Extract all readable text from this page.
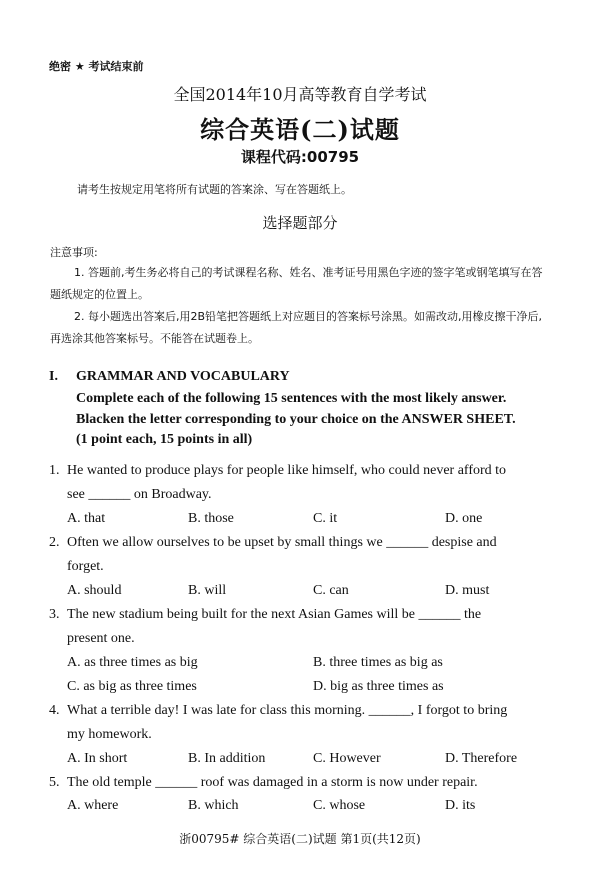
绝密 ★ 考试结束前
全国2014年10月高等教育自学考试
综合英语(二)试题
课程代码:00795
请考生按规定用笔将所有试题的答案涂、写在答题纸上。
选择题部分
注意事项:
1. 答题前,考生务必将自己的考试课程名称、姓名、准考证号用黑色字迹的签字笔或钢笔填写在答题纸规定的位置上。
2. 每小题选出答案后,用2B铅笔把答题纸上对应题目的答案标号涂黑。如需改动,用橡皮擦干净后,再选涂其他答案标号。不能答在试题卷上。
I. GRAMMAR AND VOCABULARY
Complete each of the following 15 sentences with the most likely answer.
Blacken the letter corresponding to your choice on the ANSWER SHEET.
(1 point each, 15 points in all)
1. He wanted to produce plays for people like himself, who could never afford to
see ______ on Broadway.
A. that	B. those	C. it	D. one
2. Often we allow ourselves to be upset by small things we ______ despise and
forget.
A. should	B. will	C. can	D. must
3. The new stadium being built for the next Asian Games will be ______ the
present one.
A. as three times as big	B. three times as big as
C. as big as three times	D. big as three times as
4. What a terrible day! I was late for class this morning. ______, I forgot to bring
my homework.
A. In short	B. In addition	C. However	D. Therefore
5. The old temple ______ roof was damaged in a storm is now under repair.
A. where	B. which	C. whose	D. its
浙00795# 综合英语(二)试题 第1页(共12页)
